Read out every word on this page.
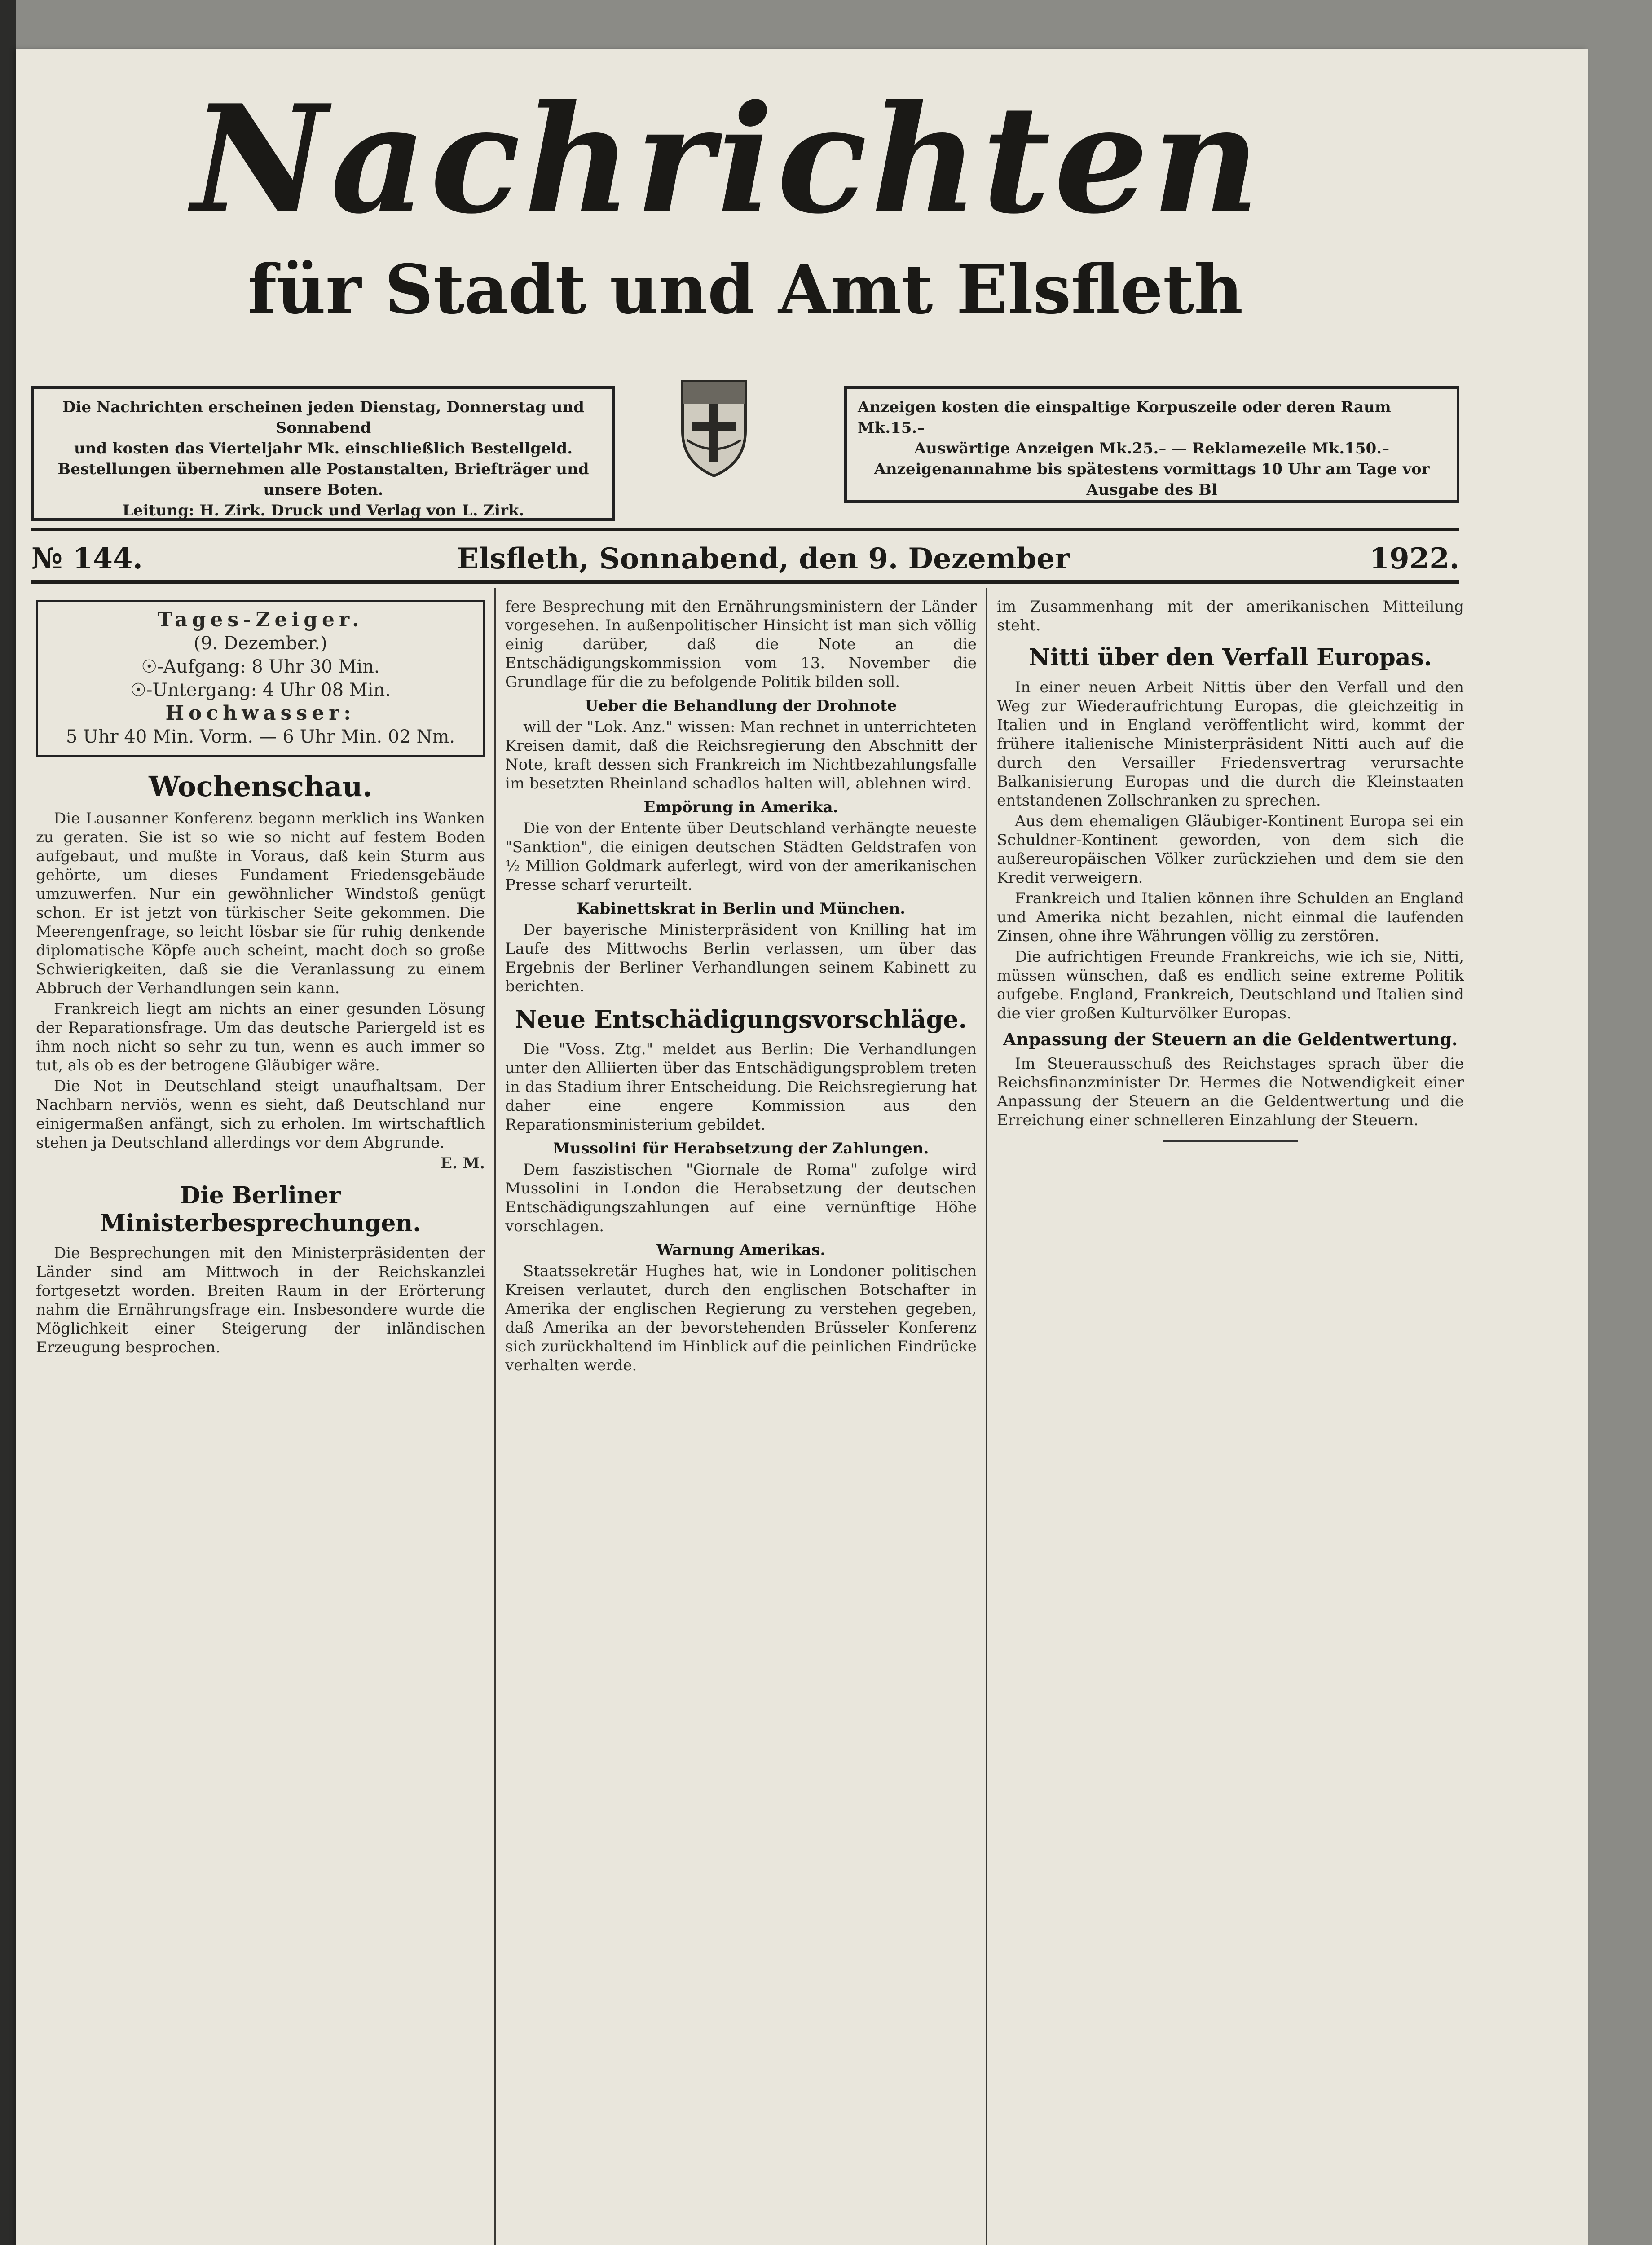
Nachrichten
für Stadt und Amt Elsfleth
Die Nachrichten erscheinen jeden Dienstag, Donnerstag und Sonnabend
und kosten das Vierteljahr Mk. einschließlich Bestellgeld.
Bestellungen übernehmen alle Postanstalten, Briefträger und unsere Boten.
Leitung: H. Zirk. Druck und Verlag von L. Zirk.
Anzeigen kosten die einspaltige Korpuszeile oder deren Raum Mk.15.–
Auswärtige Anzeigen Mk.25.– — Reklamezeile Mk.150.–
Anzeigenannahme bis spätestens vormittags 10 Uhr am Tage vor
Ausgabe des Bl
№ 144.	Elsfleth, Sonnabend, den 9. Dezember	1922.
Tages-Zeiger.
(9. Dezember.)
☉-Aufgang: 8 Uhr 30 Min.
☉-Untergang: 4 Uhr 08 Min.
Hochwasser:
5 Uhr 40 Min. Vorm. — 6 Uhr Min. 02 Nm.
Wochenschau.

Die Lausanner Konferenz begann merklich ins Wanken zu geraten. Sie ist so wie so nicht auf festem Boden aufgebaut, und mußte in Voraus, daß kein Sturm aus gehörte, um dieses Fundament Friedensgebäude umzuwerfen. Nur ein gewöhnlicher Windstoß genügt schon. Er ist jetzt von türkischer Seite gekommen. Die Meerengenfrage, so leicht lösbar sie für ruhig denkende diplomatische Köpfe auch scheint, macht doch so große Schwierigkeiten, daß sie die Veranlassung zu einem Abbruch der Verhandlungen sein kann.

Frankreich liegt am nichts an einer gesunden Lösung der Reparationsfrage. Um das deutsche Pariergeld ist es ihm noch nicht so sehr zu tun, wenn es auch immer so tut, als ob es der betrogene Gläubiger wäre.

Die Not in Deutschland steigt unaufhaltsam. Der Nachbarn nerviös, wenn es sieht, daß Deutschland nur einigermaßen anfängt, sich zu erholen. Im wirtschaftlich stehen ja Deutschland allerdings vor dem Abgrunde.

E. M.

Die Berliner Ministerbesprechungen.

Die Besprechungen mit den Ministerpräsidenten der Länder sind am Mittwoch in der Reichskanzlei fortgesetzt worden. Breiten Raum in der Erörterung nahm die Ernährungsfrage ein. Insbesondere wurde die Möglichkeit einer Steigerung der inländischen Erzeugung besprochen.

fere Besprechung mit den Ernährungsministern der Länder vorgesehen. In außenpolitischer Hinsicht ist man sich völlig einig darüber, daß die Note an die Entschädigungskommission vom 13. November die Grundlage für die zu befolgende Politik bilden soll.

Ueber die Behandlung der Drohnote

will der "Lok. Anz." wissen: Man rechnet in unterrichteten Kreisen damit, daß die Reichsregierung den Abschnitt der Note, kraft dessen sich Frankreich im Nichtbezahlungsfalle im besetzten Rheinland schadlos halten will, ablehnen wird.

Empörung in Amerika.

Die von der Entente über Deutschland verhängte neueste "Sanktion", die einigen deutschen Städten Geldstrafen von ½ Million Goldmark auferlegt, wird von der amerikanischen Presse scharf verurteilt.

Kabinettskrat in Berlin und München.

Der bayerische Ministerpräsident von Knilling hat im Laufe des Mittwochs Berlin verlassen, um über das Ergebnis der Berliner Verhandlungen seinem Kabinett zu berichten.

Neue Entschädigungsvorschläge.

Die "Voss. Ztg." meldet aus Berlin: Die Verhandlungen unter den Alliierten über das Entschädigungsproblem treten in das Stadium ihrer Entscheidung. Die Reichsregierung hat daher eine engere Kommission aus den Reparationsministerium gebildet.

Mussolini für Herabsetzung der Zahlungen.

Dem faszistischen "Giornale de Roma" zufolge wird Mussolini in London die Herabsetzung der deutschen Entschädigungszahlungen auf eine vernünftige Höhe vorschlagen.

Warnung Amerikas.

Staatssekretär Hughes hat, wie in Londoner politischen Kreisen verlautet, durch den englischen Botschafter in Amerika der englischen Regierung zu verstehen gegeben, daß Amerika an der bevorstehenden Brüsseler Konferenz sich zurückhaltend im Hinblick auf die peinlichen Eindrücke verhalten werde.

im Zusammenhang mit der amerikanischen Mitteilung steht.

Nitti über den Verfall Europas.

In einer neuen Arbeit Nittis über den Verfall und den Weg zur Wiederaufrichtung Europas, die gleichzeitig in Italien und in England veröffentlicht wird, kommt der frühere italienische Ministerpräsident Nitti auch auf die durch den Versailler Friedensvertrag verursachte Balkanisierung Europas und die durch die Kleinstaaten entstandenen Zollschranken zu sprechen.

Aus dem ehemaligen Gläubiger-Kontinent Europa sei ein Schuldner-Kontinent geworden, von dem sich die außereuropäischen Völker zurückziehen und dem sie den Kredit verweigern.

Frankreich und Italien können ihre Schulden an England und Amerika nicht bezahlen, nicht einmal die laufenden Zinsen, ohne ihre Währungen völlig zu zerstören.

Die aufrichtigen Freunde Frankreichs, wie ich sie, Nitti, müssen wünschen, daß es endlich seine extreme Politik aufgebe. England, Frankreich, Deutschland und Italien sind die vier großen Kulturvölker Europas.

Anpassung der Steuern an die Geldentwertung.

Im Steuerausschuß des Reichstages sprach über die Reichsfinanzminister Dr. Hermes die Notwendigkeit einer Anpassung der Steuern an die Geldentwertung und die Erreichung einer schnelleren Einzahlung der Steuern.
